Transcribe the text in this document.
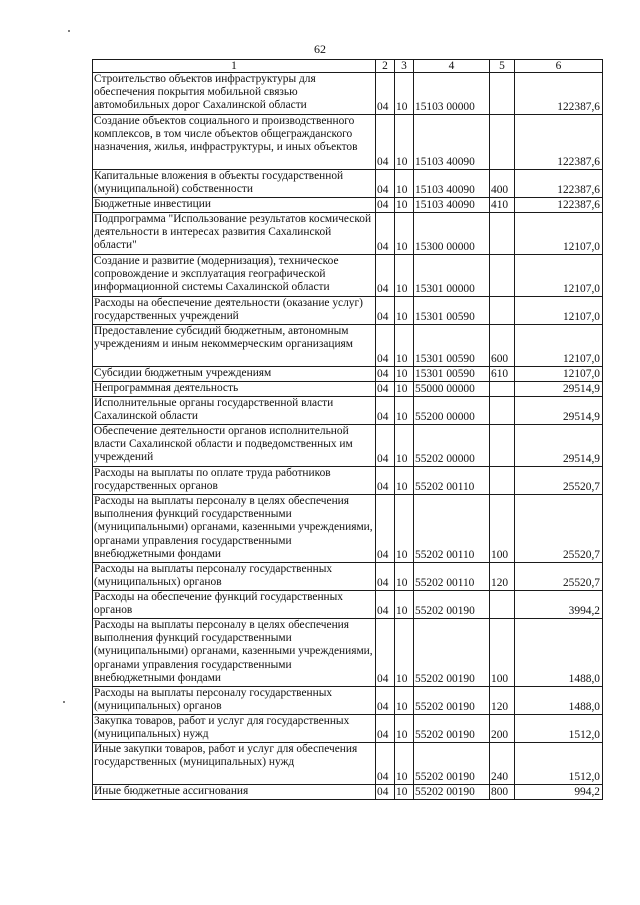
62
1	2	3	4	5	6
Строительство объектов инфраструктуры для обеспечения покрытия мобильной связью автомобильных дорог Сахалинской области	04	10	15103 00000		122387,6
Создание объектов социального и производственного комплексов, в том числе объектов общегражданского назначения, жилья, инфраструктуры, и иных объектов	04	10	15103 40090		122387,6
Капитальные вложения в объекты государственной (муниципальной) собственности	04	10	15103 40090	400	122387,6
Бюджетные инвестиции	04	10	15103 40090	410	122387,6
Подпрограмма "Использование результатов космической деятельности в интересах развития Сахалинской области"	04	10	15300 00000		12107,0
Создание и развитие (модернизация), техническое сопровождение и эксплуатация географической информационной системы Сахалинской области	04	10	15301 00000		12107,0
Расходы на обеспечение деятельности (оказание услуг) государственных учреждений	04	10	15301 00590		12107,0
Предоставление субсидий бюджетным, автономным учреждениям и иным некоммерческим организациям	04	10	15301 00590	600	12107,0
Субсидии бюджетным учреждениям	04	10	15301 00590	610	12107,0
Непрограммная деятельность	04	10	55000 00000		29514,9
Исполнительные органы государственной власти Сахалинской области	04	10	55200 00000		29514,9
Обеспечение деятельности органов исполнительной власти Сахалинской области и подведомственных им учреждений	04	10	55202 00000		29514,9
Расходы на выплаты по оплате труда работников государственных органов	04	10	55202 00110		25520,7
Расходы на выплаты персоналу в целях обеспечения выполнения функций государственными (муниципальными) органами, казенными учреждениями, органами управления государственными внебюджетными фондами	04	10	55202 00110	100	25520,7
Расходы на выплаты персоналу государственных (муниципальных) органов	04	10	55202 00110	120	25520,7
Расходы на обеспечение функций государственных органов	04	10	55202 00190		3994,2
Расходы на выплаты персоналу в целях обеспечения выполнения функций государственными (муниципальными) органами, казенными учреждениями, органами управления государственными внебюджетными фондами	04	10	55202 00190	100	1488,0
Расходы на выплаты персоналу государственных (муниципальных) органов	04	10	55202 00190	120	1488,0
Закупка товаров, работ и услуг для государственных (муниципальных) нужд	04	10	55202 00190	200	1512,0
Иные закупки товаров, работ и услуг для обеспечения государственных (муниципальных) нужд	04	10	55202 00190	240	1512,0
Иные бюджетные ассигнования	04	10	55202 00190	800	994,2
